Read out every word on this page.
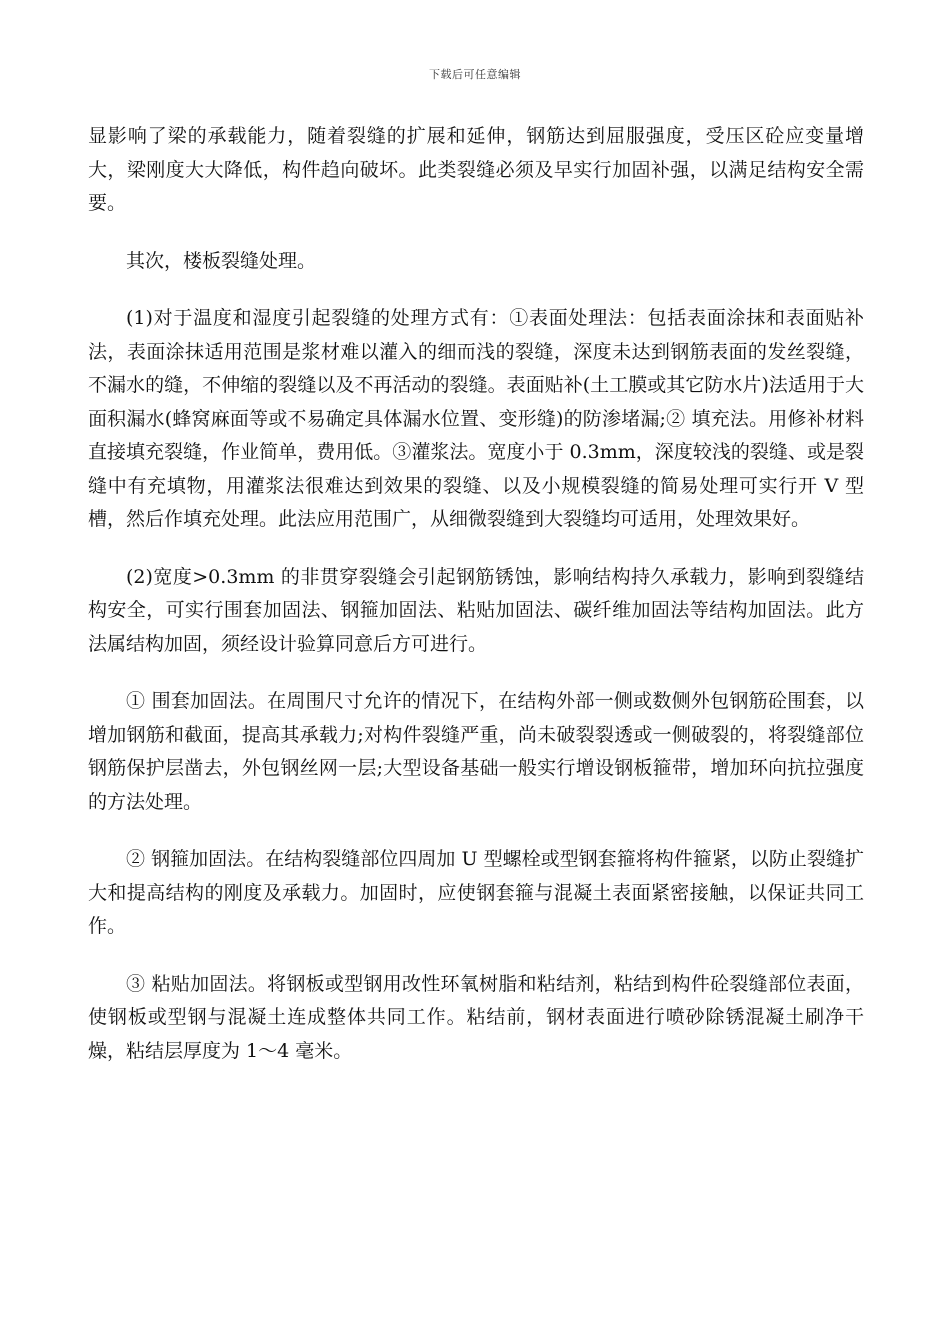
下载后可任意编辑

显影响了梁的承载能力，随着裂缝的扩展和延伸，钢筋达到屈服强度，受压区砼应变量增大，梁刚度大大降低，构件趋向破坏。此类裂缝必须及早实行加固补强，以满足结构安全需要。

其次，楼板裂缝处理。

(1)对于温度和湿度引起裂缝的处理方式有：①表面处理法：包括表面涂抹和表面贴补法，表面涂抹适用范围是浆材难以灌入的细而浅的裂缝，深度未达到钢筋表面的发丝裂缝，不漏水的缝，不伸缩的裂缝以及不再活动的裂缝。表面贴补(土工膜或其它防水片)法适用于大面积漏水(蜂窝麻面等或不易确定具体漏水位置、变形缝)的防渗堵漏;② 填充法。用修补材料直接填充裂缝，作业简单，费用低。③灌浆法。宽度小于 0.3mm，深度较浅的裂缝、或是裂缝中有充填物，用灌浆法很难达到效果的裂缝、以及小规模裂缝的简易处理可实行开 V 型槽，然后作填充处理。此法应用范围广，从细微裂缝到大裂缝均可适用，处理效果好。

(2)宽度>0.3mm 的非贯穿裂缝会引起钢筋锈蚀，影响结构持久承载力，影响到裂缝结构安全，可实行围套加固法、钢箍加固法、粘贴加固法、碳纤维加固法等结构加固法。此方法属结构加固，须经设计验算同意后方可进行。

① 围套加固法。在周围尺寸允许的情况下，在结构外部一侧或数侧外包钢筋砼围套，以增加钢筋和截面，提高其承载力;对构件裂缝严重，尚未破裂裂透或一侧破裂的，将裂缝部位钢筋保护层凿去，外包钢丝网一层;大型设备基础一般实行增设钢板箍带，增加环向抗拉强度的方法处理。

② 钢箍加固法。在结构裂缝部位四周加 U 型螺栓或型钢套箍将构件箍紧，以防止裂缝扩大和提高结构的刚度及承载力。加固时，应使钢套箍与混凝土表面紧密接触，以保证共同工作。

③ 粘贴加固法。将钢板或型钢用改性环氧树脂和粘结剂，粘结到构件砼裂缝部位表面，使钢板或型钢与混凝土连成整体共同工作。粘结前，钢材表面进行喷砂除锈混凝土刷净干燥，粘结层厚度为 1～4 毫米。
